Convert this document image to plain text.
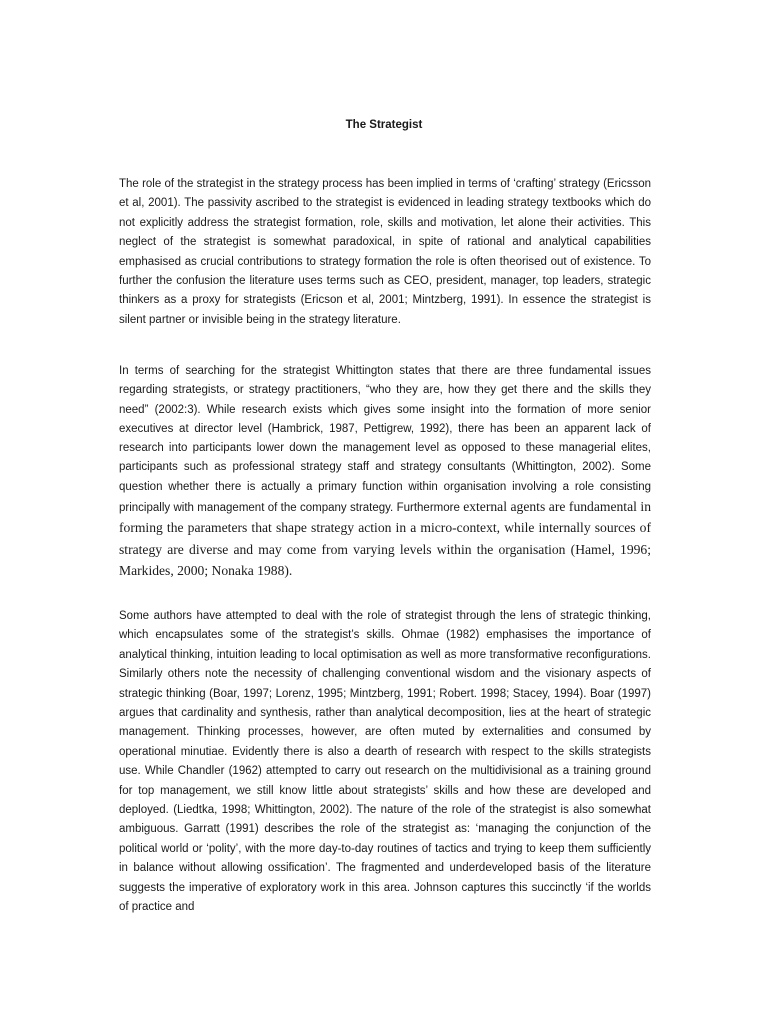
The Strategist

The role of the strategist in the strategy process has been implied in terms of ‘crafting’ strategy (Ericsson et al, 2001). The passivity ascribed to the strategist is evidenced in leading strategy textbooks which do not explicitly address the strategist formation, role, skills and motivation, let alone their activities. This neglect of the strategist is somewhat paradoxical, in spite of rational and analytical capabilities emphasised as crucial contributions to strategy formation the role is often theorised out of existence. To further the confusion the literature uses terms such as CEO, president, manager, top leaders, strategic thinkers as a proxy for strategists (Ericson et al, 2001; Mintzberg, 1991). In essence the strategist is silent partner or invisible being in the strategy literature.

In terms of searching for the strategist Whittington states that there are three fundamental issues regarding strategists, or strategy practitioners, “who they are, how they get there and the skills they need” (2002:3). While research exists which gives some insight into the formation of more senior executives at director level (Hambrick, 1987, Pettigrew, 1992), there has been an apparent lack of research into participants lower down the management level as opposed to these managerial elites, participants such as professional strategy staff and strategy consultants (Whittington, 2002). Some question whether there is actually a primary function within organisation involving a role consisting principally with management of the company strategy. Furthermore external agents are fundamental in forming the parameters that shape strategy action in a micro-context, while internally sources of strategy are diverse and may come from varying levels within the organisation (Hamel, 1996; Markides, 2000; Nonaka 1988).

Some authors have attempted to deal with the role of strategist through the lens of strategic thinking, which encapsulates some of the strategist’s skills. Ohmae (1982) emphasises the importance of analytical thinking, intuition leading to local optimisation as well as more transformative reconfigurations. Similarly others note the necessity of challenging conventional wisdom and the visionary aspects of strategic thinking (Boar, 1997; Lorenz, 1995; Mintzberg, 1991; Robert. 1998; Stacey, 1994). Boar (1997) argues that cardinality and synthesis, rather than analytical decomposition, lies at the heart of strategic management. Thinking processes, however, are often muted by externalities and consumed by operational minutiae. Evidently there is also a dearth of research with respect to the skills strategists use. While Chandler (1962) attempted to carry out research on the multidivisional as a training ground for top management, we still know little about strategists’ skills and how these are developed and deployed. (Liedtka, 1998; Whittington, 2002). The nature of the role of the strategist is also somewhat ambiguous. Garratt (1991) describes the role of the strategist as: ‘managing the conjunction of the political world or ‘polity’, with the more day-to-day routines of tactics and trying to keep them sufficiently in balance without allowing ossification’. The fragmented and underdeveloped basis of the literature suggests the imperative of exploratory work in this area. Johnson captures this succinctly ‘if the worlds of practice and
